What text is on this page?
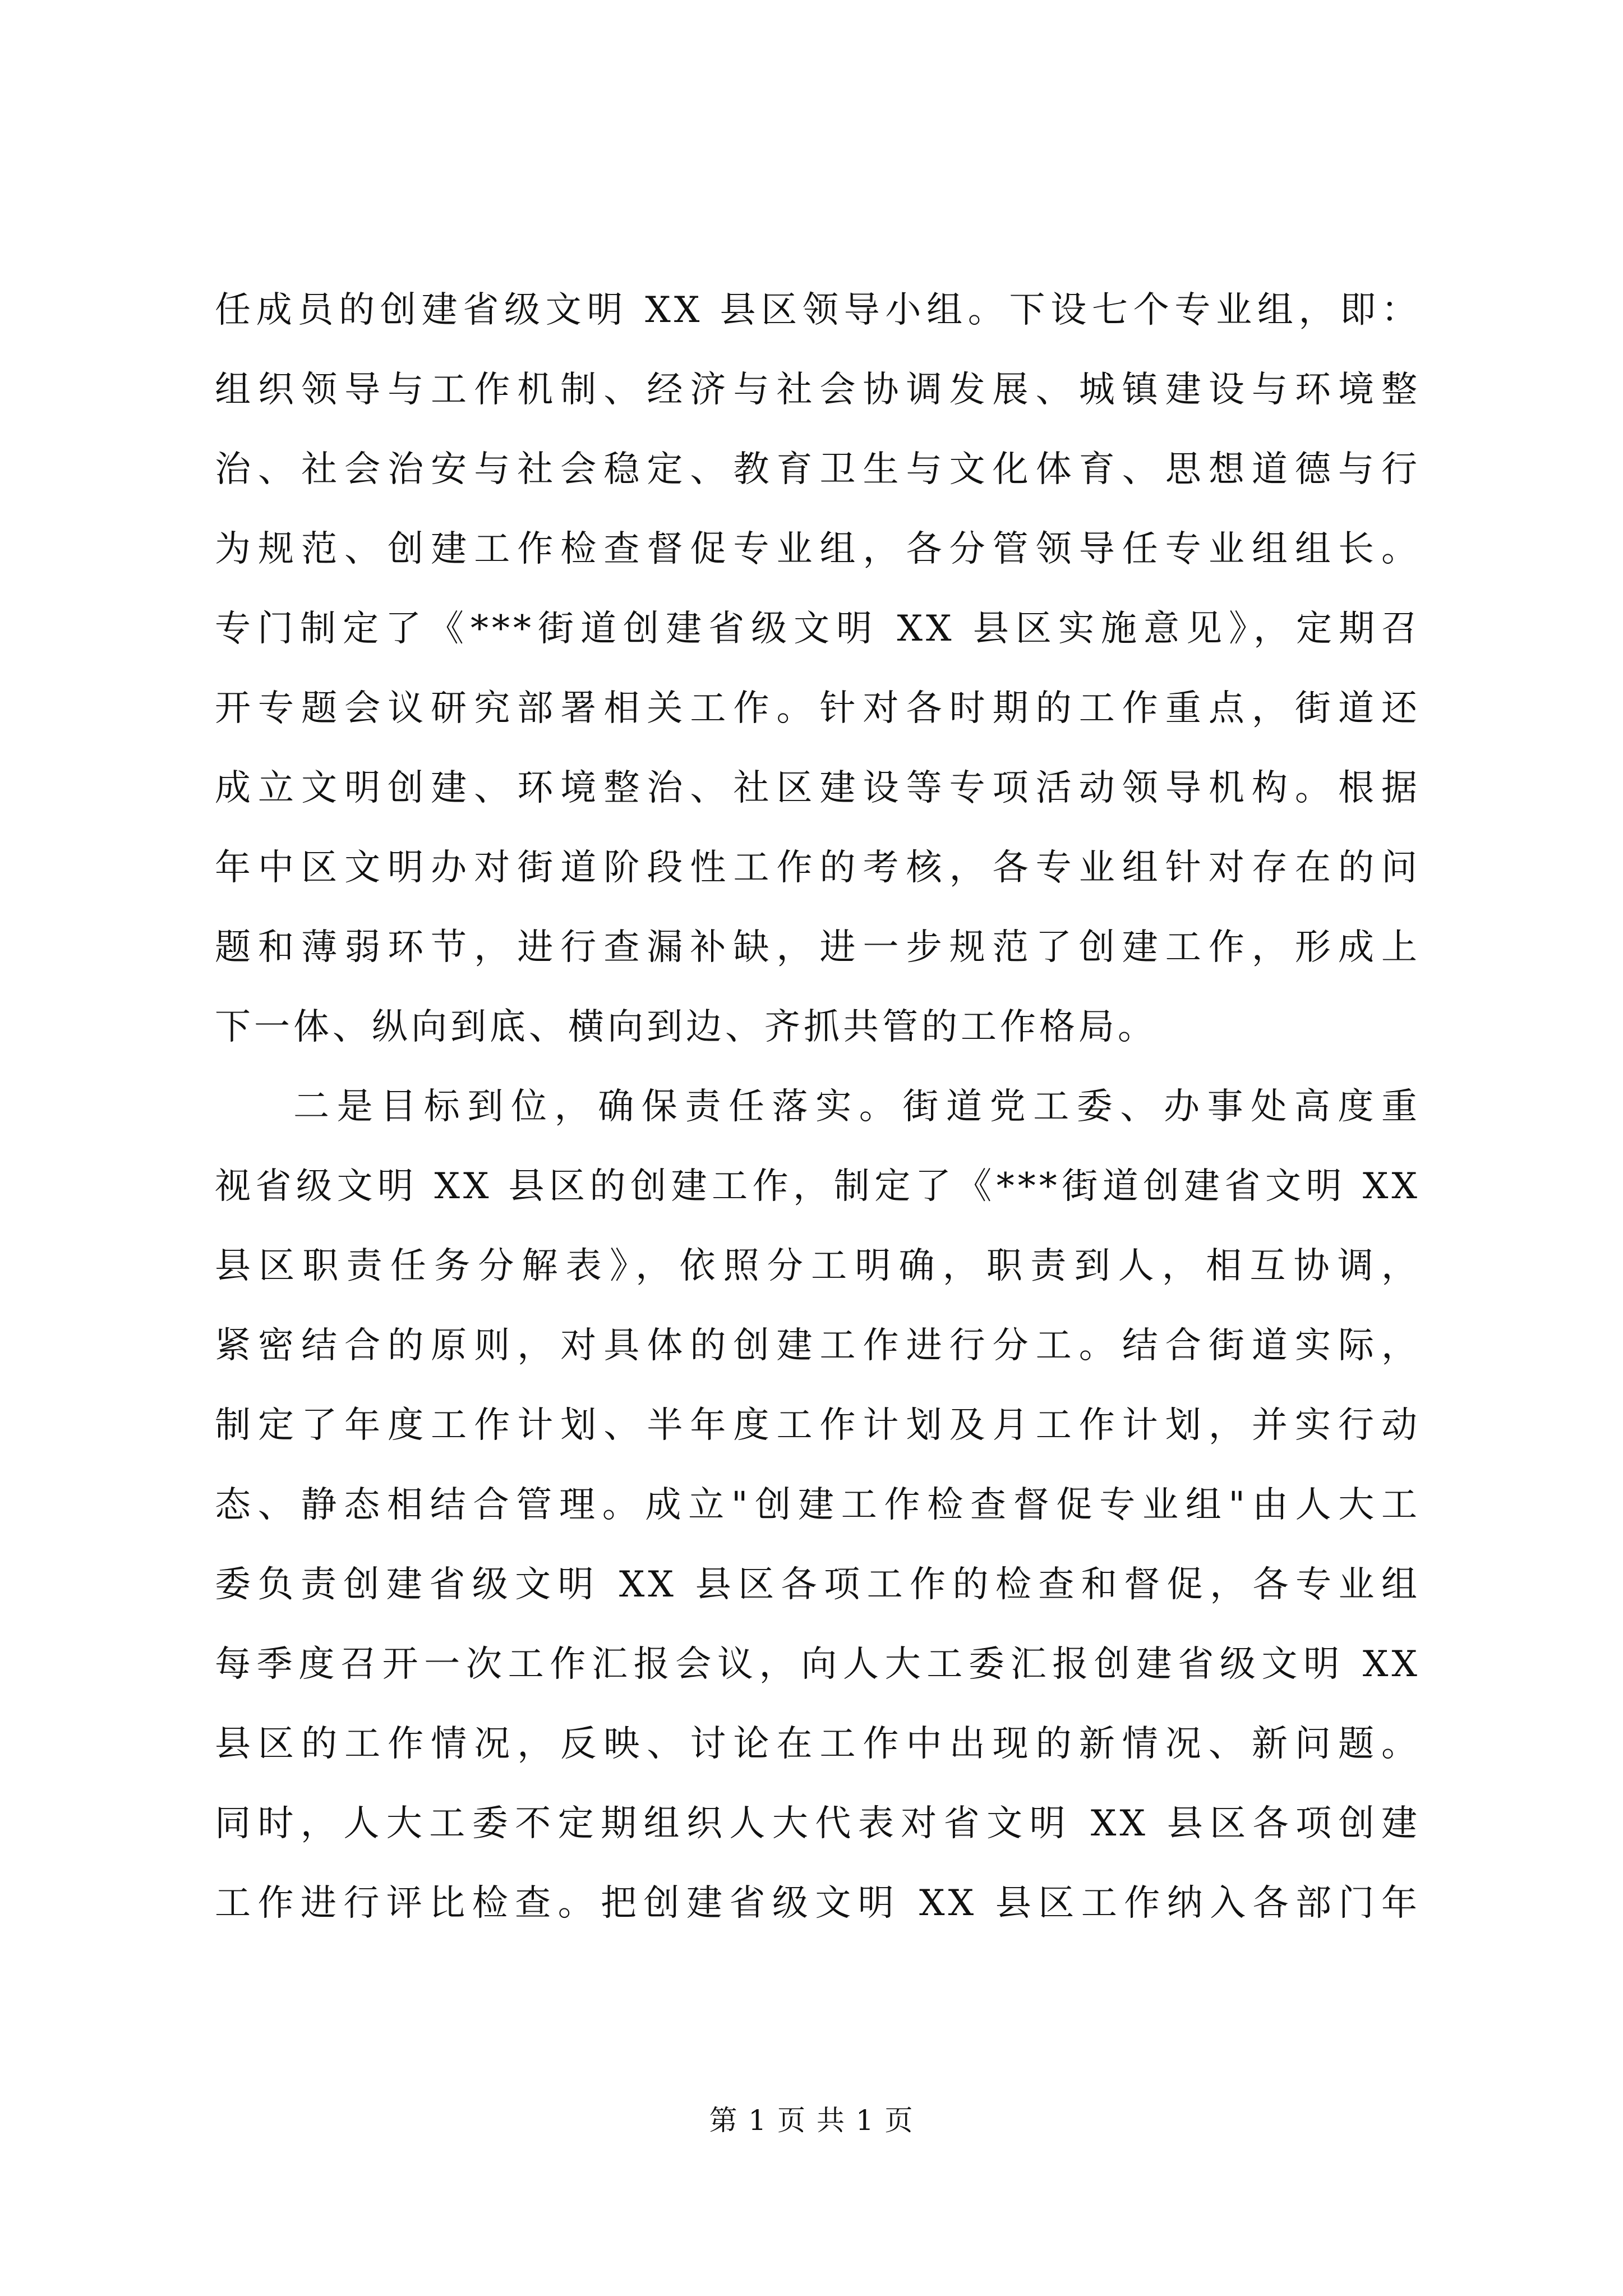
任成员的创建省级文明 XX 县区领导小组。下设七个专业组，即：
组织领导与工作机制、经济与社会协调发展、城镇建设与环境整
治、社会治安与社会稳定、教育卫生与文化体育、思想道德与行
为规范、创建工作检查督促专业组，各分管领导任专业组组长。
专门制定了《***街道创建省级文明 XX 县区实施意见》，定期召
开专题会议研究部署相关工作。针对各时期的工作重点，街道还
成立文明创建、环境整治、社区建设等专项活动领导机构。根据
年中区文明办对街道阶段性工作的考核，各专业组针对存在的问
题和薄弱环节，进行查漏补缺，进一步规范了创建工作，形成上
下一体、纵向到底、横向到边、齐抓共管的工作格局。
二是目标到位，确保责任落实。街道党工委、办事处高度重
视省级文明 XX 县区的创建工作，制定了《***街道创建省文明 XX
县区职责任务分解表》，依照分工明确，职责到人，相互协调，
紧密结合的原则，对具体的创建工作进行分工。结合街道实际，
制定了年度工作计划、半年度工作计划及月工作计划，并实行动
态、静态相结合管理。成立"创建工作检查督促专业组"由人大工
委负责创建省级文明 XX 县区各项工作的检查和督促，各专业组
每季度召开一次工作汇报会议，向人大工委汇报创建省级文明 XX
县区的工作情况，反映、讨论在工作中出现的新情况、新问题。
同时，人大工委不定期组织人大代表对省文明 XX 县区各项创建
工作进行评比检查。把创建省级文明 XX 县区工作纳入各部门年
第 1 页 共 1 页
